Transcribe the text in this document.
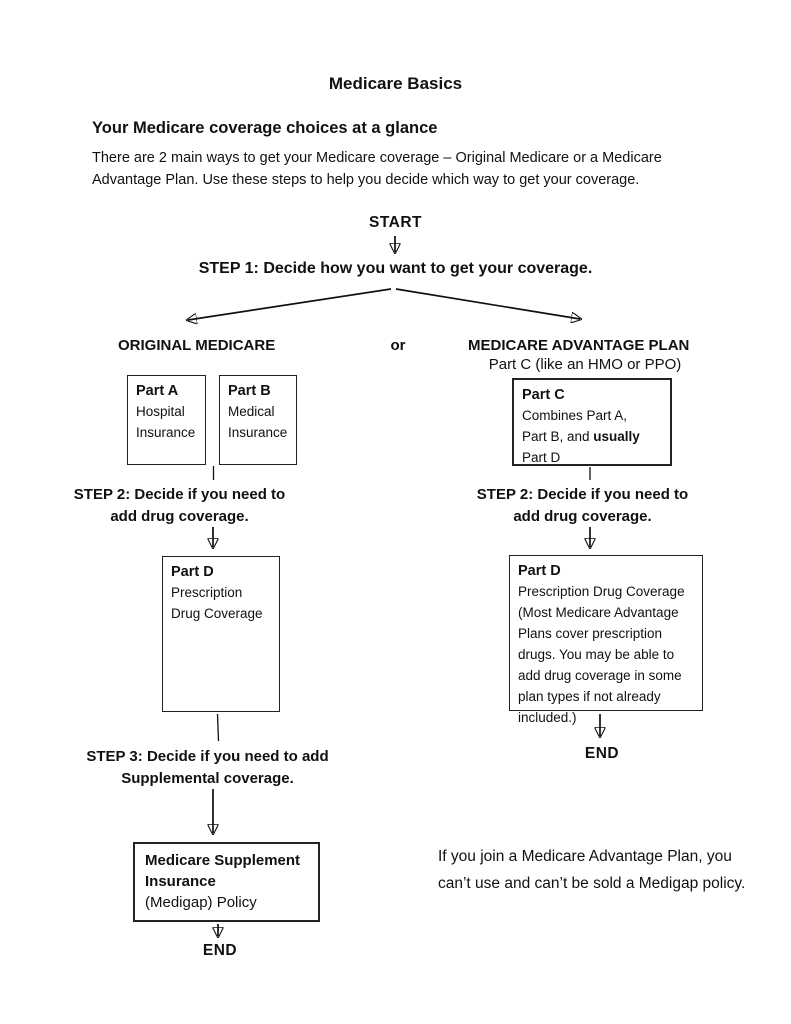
Medicare Basics
Your Medicare coverage choices at a glance
There are 2 main ways to get your Medicare coverage – Original Medicare or a Medicare Advantage Plan. Use these steps to help you decide which way to get your coverage.
START
STEP 1: Decide how you want to get your coverage.
ORIGINAL MEDICARE	or	MEDICARE ADVANTAGE PLAN
Part C (like an HMO or PPO)
Part A
Hospital Insurance
Part B
Medical Insurance
Part C
Combines Part A,
Part B, and usually
Part D
STEP 2: Decide if you need to
add drug coverage.
STEP 2: Decide if you need to
add drug coverage.
Part D
Prescription Drug Coverage
Part D
Prescription Drug Coverage (Most Medicare Advantage Plans cover prescription drugs. You may be able to add drug coverage in some plan types if not already included.)
STEP 3: Decide if you need to add
Supplemental coverage.
Medicare Supplement Insurance
(Medigap) Policy
END
END
If you join a Medicare Advantage Plan, you can’t use and can’t be sold a Medigap policy.
